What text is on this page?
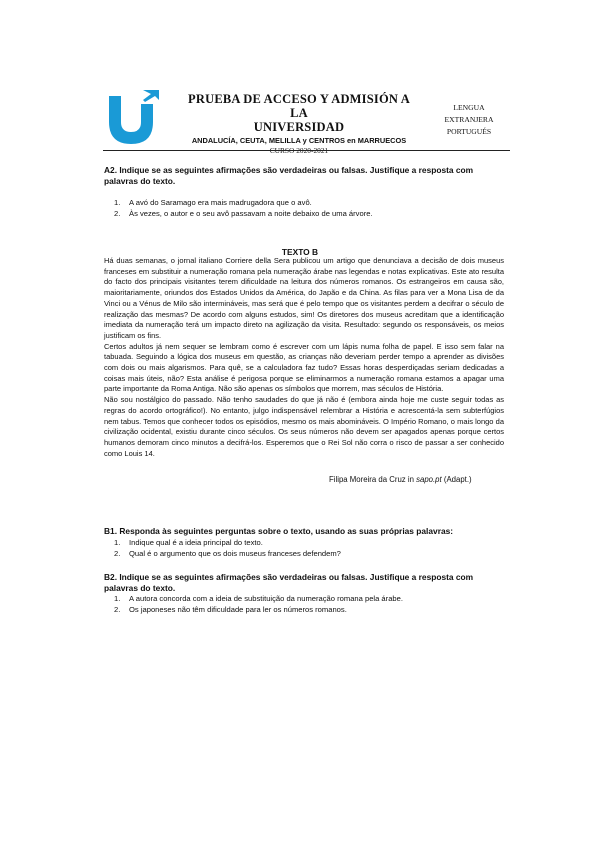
PRUEBA DE ACCESO Y ADMISIÓN A LA
UNIVERSIDAD
ANDALUCÍA, CEUTA, MELILLA y CENTROS en MARRUECOS
LENGUA EXTRANJERA
PORTUGUÉS
A2. Indique se as seguintes afirmações são verdadeiras ou falsas. Justifique a resposta com palavras do texto.
1.	A avó do Saramago era mais madrugadora que o avô.
2.	Às vezes, o autor e o seu avô passavam a noite debaixo de uma árvore.
TEXTO B

Há duas semanas, o jornal italiano Corriere della Sera publicou um artigo que denunciava a decisão de dois museus franceses em substituir a numeração romana pela numeração árabe nas legendas e notas explicativas. Este ato resulta do facto dos principais visitantes terem dificuldade na leitura dos números romanos. Os estrangeiros em causa são, maioritariamente, oriundos dos Estados Unidos da América, do Japão e da China. As filas para ver a Mona Lisa de da Vinci ou a Vénus de Milo são intermináveis, mas será que é pelo tempo que os visitantes perdem a decifrar o século de realização das mesmas? De acordo com alguns estudos, sim! Os diretores dos museus acreditam que a identificação imediata da numeração terá um impacto direto na agilização da visita. Resultado: segundo os responsáveis, os meios justificam os fins.

Certos adultos já nem sequer se lembram como é escrever com um lápis numa folha de papel. E isso sem falar na tabuada. Seguindo a lógica dos museus em questão, as crianças não deveriam perder tempo a aprender as divisões com dois ou mais algarismos. Para quê, se a calculadora faz tudo? Essas horas desperdiçadas seriam dedicadas a coisas mais úteis, não? Esta análise é perigosa porque se eliminarmos a numeração romana estamos a apagar uma parte importante da Roma Antiga. Não são apenas os símbolos que morrem, mas séculos de História.

Não sou nostálgico do passado. Não tenho saudades do que já não é (embora ainda hoje me custe seguir todas as regras do acordo ortográfico!). No entanto, julgo indispensável relembrar a História e acrescentá-la sem subterfúgios nem tabus. Temos que conhecer todos os episódios, mesmo os mais abomináveis. O Império Romano, o mais longo da civilização ocidental, existiu durante cinco séculos. Os seus números não devem ser apagados apenas porque certos humanos demoram cinco minutos a decifrá-los. Esperemos que o Rei Sol não corra o risco de passar a ser conhecido como Louis 14.

Filipa Moreira da Cruz in sapo.pt (Adapt.)
B1. Responda às seguintes perguntas sobre o texto, usando as suas próprias palavras:
1.	Indique qual é a ideia principal do texto.
2.	Qual é o argumento que os dois museus franceses defendem?
B2. Indique se as seguintes afirmações são verdadeiras ou falsas. Justifique a resposta com palavras do texto.
1.	A autora concorda com a ideia de substituição da numeração romana pela árabe.
2.	Os japoneses não têm dificuldade para ler os números romanos.
